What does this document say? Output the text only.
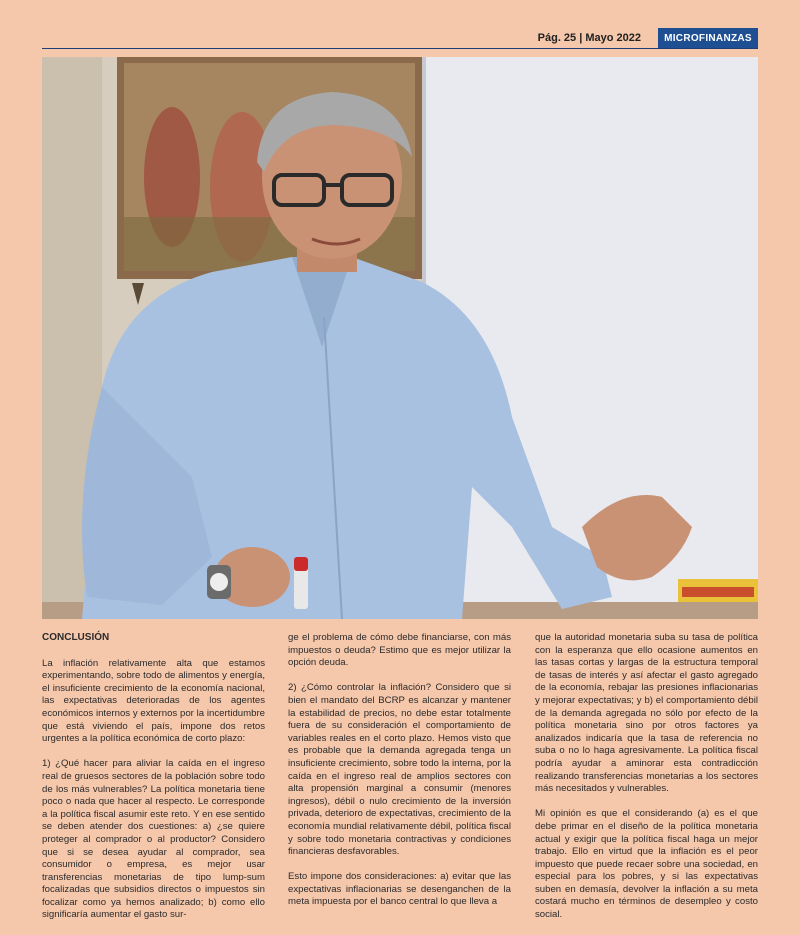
Pág. 25 | Mayo 2022	MICROFINANZAS
CONCLUSIÓN

La inflación relativamente alta que estamos experimentando, sobre todo de alimentos y energía, el insuficiente crecimiento de la economía nacional, las expectativas deterioradas de los agentes económicos internos y externos por la incertidumbre que está viviendo el país, impone dos retos urgentes a la política económica de corto plazo:

1) ¿Qué hacer para aliviar la caída en el ingreso real de gruesos sectores de la población sobre todo de los más vulnerables? La política monetaria tiene poco o nada que hacer al respecto. Le corresponde a la política fiscal asumir este reto. Y en ese sentido se deben atender dos cuestiones: a) ¿se quiere proteger al comprador o al productor? Considero que si se desea ayudar al comprador, sea consumidor o empresa, es mejor usar transferencias monetarias de tipo lump-sum focalizadas que subsidios directos o impuestos sin focalizar como ya hemos analizado; b) como ello significaría aumentar el gasto sur-

ge el problema de cómo debe financiarse, con más impuestos o deuda? Estimo que es mejor utilizar la opción deuda.

2) ¿Cómo controlar la inflación? Considero que si bien el mandato del BCRP es alcanzar y mantener la estabilidad de precios, no debe estar totalmente fuera de su consideración el comportamiento de variables reales en el corto plazo. Hemos visto que es probable que la demanda agregada tenga un insuficiente crecimiento, sobre todo la interna, por la caída en el ingreso real de amplios sectores con alta propensión marginal a consumir (menores ingresos), débil o nulo crecimiento de la inversión privada, deterioro de expectativas, crecimiento de la economía mundial relativamente débil, política fiscal y sobre todo monetaria contractivas y condiciones financieras desfavorables.

Esto impone dos consideraciones: a) evitar que las expectativas inflacionarias se desenganchen de la meta impuesta por el banco central lo que lleva a

que la autoridad monetaria suba su tasa de política con la esperanza que ello ocasione aumentos en las tasas cortas y largas de la estructura temporal de tasas de interés y así afectar el gasto agregado de la economía, rebajar las presiones inflacionarias y mejorar expectativas; y b) el comportamiento débil de la demanda agregada no sólo por efecto de la política monetaria sino por otros factores ya analizados indicaría que la tasa de referencia no suba o no lo haga agresivamente. La política fiscal podría ayudar a aminorar esta contradicción realizando transferencias monetarias a los sectores más necesitados y vulnerables.

Mi opinión es que el considerando (a) es el que debe primar en el diseño de la política monetaria actual y exigir que la política fiscal haga un mejor trabajo. Ello en virtud que la inflación es el peor impuesto que puede recaer sobre una sociedad, en especial para los pobres, y si las expectativas suben en demasía, devolver la inflación a su meta costará mucho en términos de desempleo y costo social.
